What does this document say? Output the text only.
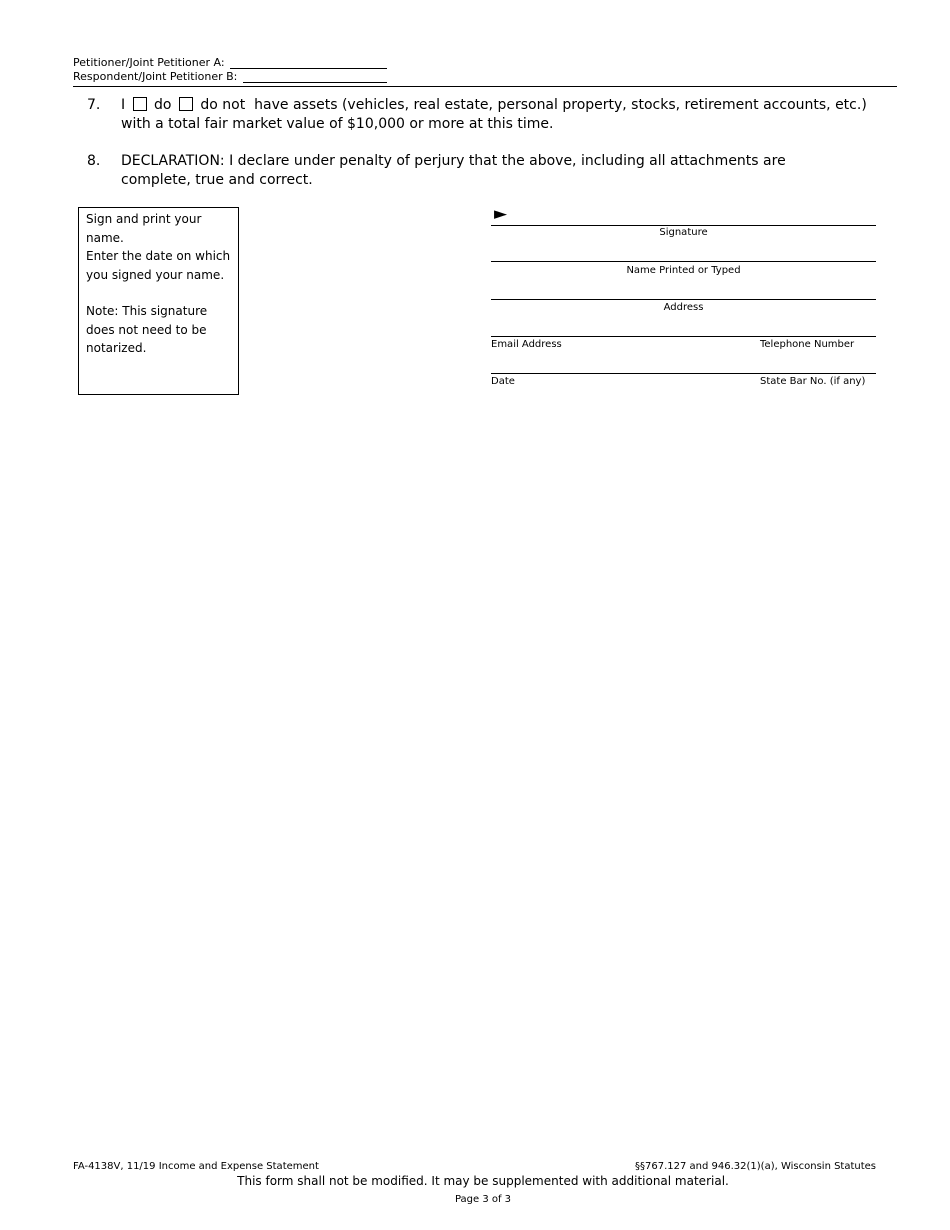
Petitioner/Joint Petitioner A:
Respondent/Joint Petitioner B:
7. I do do not have assets (vehicles, real estate, personal property, stocks, retirement accounts, etc.)
with a total fair market value of $10,000 or more at this time.
8. DECLARATION: I declare under penalty of perjury that the above, including all attachments are complete, true and correct.

Sign and print your name.

Enter the date on which you signed your name.

Note: This signature does not need to be notarized.

►
Signature
Name Printed or Typed
Address
Email Address	Telephone Number
Date	State Bar No. (if any)
FA-4138V, 11/19 Income and Expense Statement	§§767.127 and 946.32(1)(a), Wisconsin Statutes
This form shall not be modified. It may be supplemented with additional material.
Page 3 of 3
